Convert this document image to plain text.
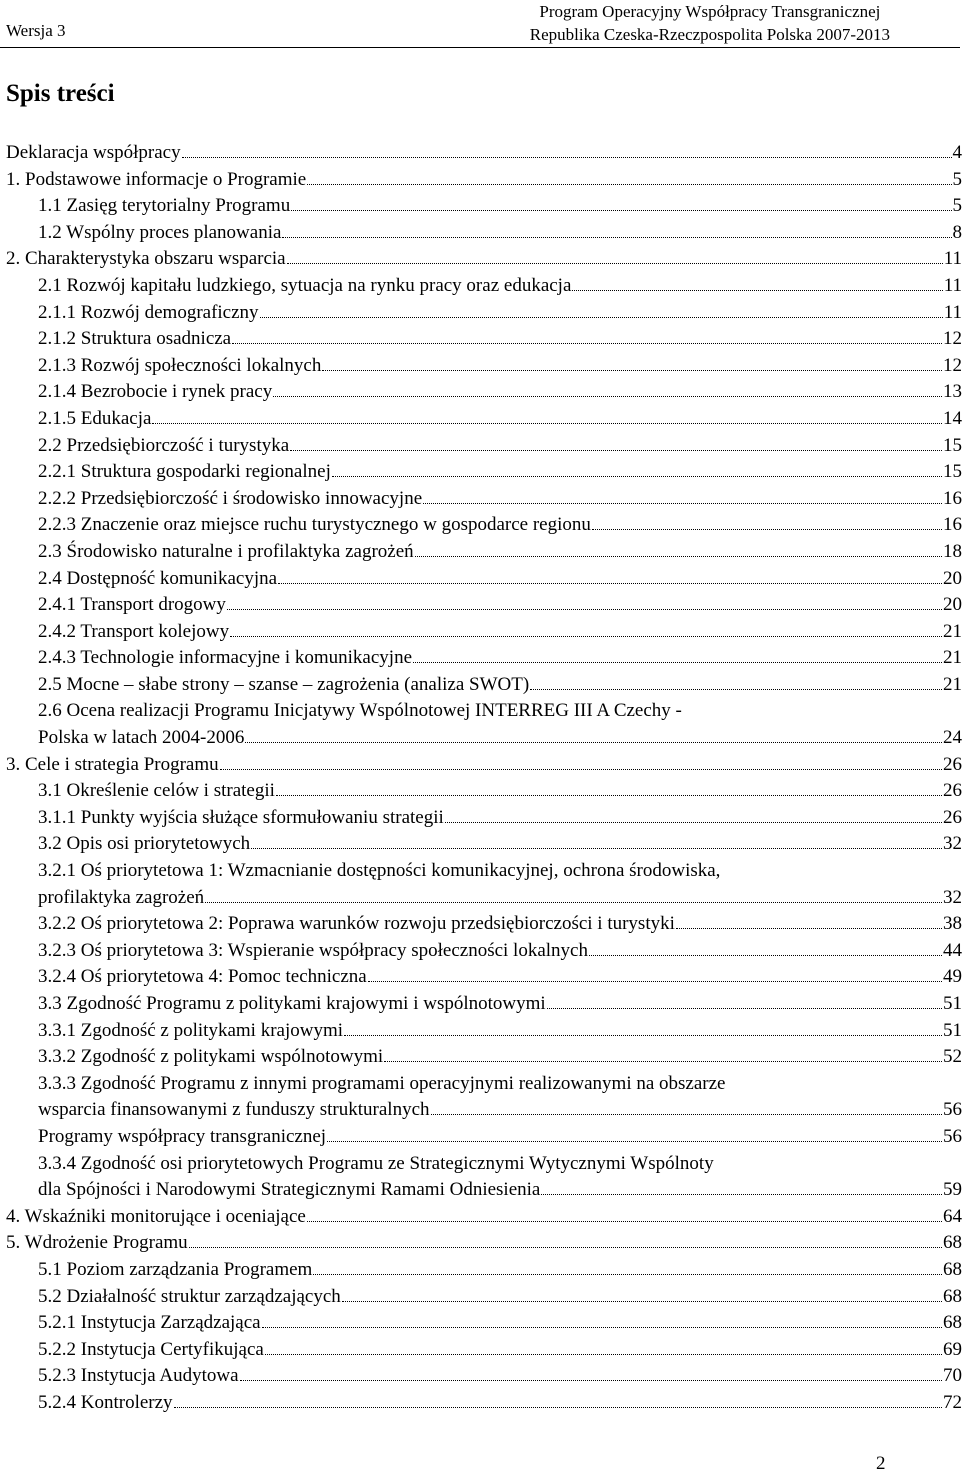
Wersja 3
Program Operacyjny Współpracy Transgranicznej
Republika Czeska-Rzeczpospolita Polska 2007-2013
Spis treści
Deklaracja współpracy	4
1. Podstawowe informacje o Programie	5
1.1 Zasięg terytorialny Programu	5
1.2 Wspólny proces planowania	8
2. Charakterystyka obszaru wsparcia	11
2.1 Rozwój kapitału ludzkiego, sytuacja na rynku pracy oraz edukacja	11
2.1.1 Rozwój demograficzny	11
2.1.2 Struktura osadnicza	12
2.1.3 Rozwój społeczności lokalnych	12
2.1.4 Bezrobocie i rynek pracy	13
2.1.5 Edukacja	14
2.2 Przedsiębiorczość i turystyka	15
2.2.1 Struktura gospodarki regionalnej	15
2.2.2 Przedsiębiorczość i środowisko innowacyjne	16
2.2.3 Znaczenie oraz miejsce ruchu turystycznego w gospodarce regionu	16
2.3 Środowisko naturalne i profilaktyka zagrożeń	18
2.4 Dostępność komunikacyjna	20
2.4.1 Transport drogowy	20
2.4.2 Transport kolejowy	21
2.4.3 Technologie informacyjne i komunikacyjne	21
2.5 Mocne – słabe strony – szanse – zagrożenia (analiza SWOT)	21
2.6 Ocena realizacji Programu Inicjatywy Wspólnotowej INTERREG III A Czechy -
Polska w latach 2004-2006	24
3. Cele i strategia Programu	26
3.1 Określenie celów i strategii	26
3.1.1 Punkty wyjścia służące sformułowaniu strategii	26
3.2 Opis osi priorytetowych	32
3.2.1 Oś priorytetowa 1: Wzmacnianie dostępności komunikacyjnej, ochrona środowiska,
profilaktyka zagrożeń	32
3.2.2 Oś priorytetowa 2: Poprawa warunków rozwoju przedsiębiorczości i turystyki	38
3.2.3 Oś priorytetowa 3: Wspieranie współpracy społeczności lokalnych	44
3.2.4 Oś priorytetowa 4: Pomoc techniczna	49
3.3 Zgodność Programu z politykami krajowymi i wspólnotowymi	51
3.3.1 Zgodność z politykami krajowymi	51
3.3.2 Zgodność z politykami wspólnotowymi	52
3.3.3 Zgodność Programu z innymi programami operacyjnymi realizowanymi na obszarze
wsparcia finansowanymi z funduszy strukturalnych	56
Programy współpracy transgranicznej	56
3.3.4 Zgodność osi priorytetowych Programu ze Strategicznymi Wytycznymi Wspólnoty
dla Spójności i Narodowymi Strategicznymi Ramami Odniesienia	59
4. Wskaźniki monitorujące i oceniające	64
5. Wdrożenie Programu	68
5.1 Poziom zarządzania Programem	68
5.2 Działalność struktur zarządzających	68
5.2.1 Instytucja Zarządzająca	68
5.2.2 Instytucja Certyfikująca	69
5.2.3 Instytucja Audytowa	70
5.2.4 Kontrolerzy	72
2
